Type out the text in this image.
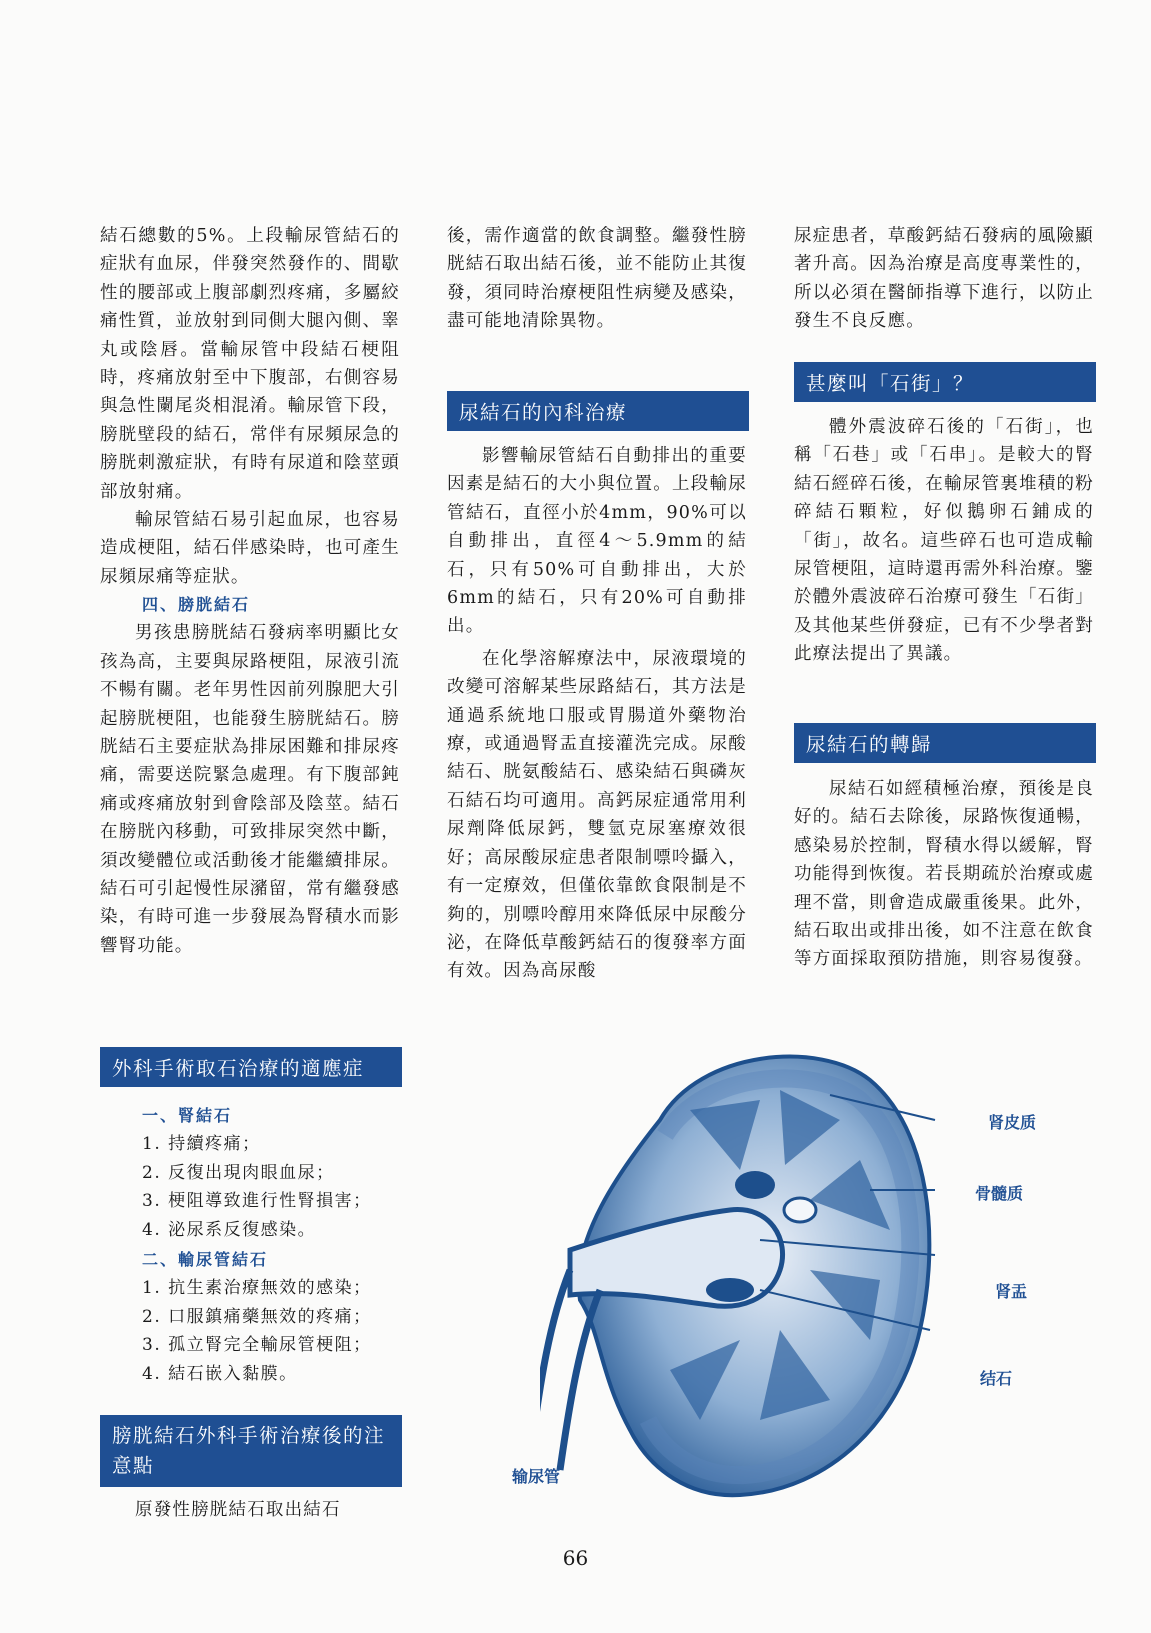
結石總數的5%。上段輸尿管結石的症狀有血尿，伴發突然發作的、間歇性的腰部或上腹部劇烈疼痛，多屬絞痛性質，並放射到同側大腿內側、睾丸或陰唇。當輸尿管中段結石梗阻時，疼痛放射至中下腹部，右側容易與急性闌尾炎相混淆。輸尿管下段，膀胱壁段的結石，常伴有尿頻尿急的膀胱刺激症狀，有時有尿道和陰莖頭部放射痛。

輸尿管結石易引起血尿，也容易造成梗阻，結石伴感染時，也可產生尿頻尿痛等症狀。

四、膀胱結石

男孩患膀胱結石發病率明顯比女孩為高，主要與尿路梗阻，尿液引流不暢有關。老年男性因前列腺肥大引起膀胱梗阻，也能發生膀胱結石。膀胱結石主要症狀為排尿困難和排尿疼痛，需要送院緊急處理。有下腹部鈍痛或疼痛放射到會陰部及陰莖。結石在膀胱內移動，可致排尿突然中斷，須改變體位或活動後才能繼續排尿。結石可引起慢性尿瀦留，常有繼發感染，有時可進一步發展為腎積水而影響腎功能。

外科手術取石治療的適應症
一、腎結石
1. 持續疼痛；
2. 反復出現肉眼血尿；
3. 梗阻導致進行性腎損害；
4. 泌尿系反復感染。
二、輸尿管結石
1. 抗生素治療無效的感染；
2. 口服鎮痛藥無效的疼痛；
3. 孤立腎完全輸尿管梗阻；
4. 結石嵌入黏膜。
膀胱結石外科手術治療後的注意點

原發性膀胱結石取出結石

後，需作適當的飲食調整。繼發性膀胱結石取出結石後，並不能防止其復發，須同時治療梗阻性病變及感染，盡可能地清除異物。

尿結石的內科治療

影響輸尿管結石自動排出的重要因素是結石的大小與位置。上段輸尿管結石，直徑小於4mm，90%可以自動排出，直徑4～5.9mm的結石，只有50%可自動排出，大於6mm的結石，只有20%可自動排出。

在化學溶解療法中，尿液環境的改變可溶解某些尿路結石，其方法是通過系統地口服或胃腸道外藥物治療，或通過腎盂直接灌洗完成。尿酸結石、胱氨酸結石、感染結石與磷灰石結石均可適用。高鈣尿症通常用利尿劑降低尿鈣，雙氫克尿塞療效很好；高尿酸尿症患者限制嘌呤攝入，有一定療效，但僅依靠飲食限制是不夠的，別嘌呤醇用來降低尿中尿酸分泌，在降低草酸鈣結石的復發率方面有效。因為高尿酸

尿症患者，草酸鈣結石發病的風險顯著升高。因為治療是高度專業性的，所以必須在醫師指導下進行，以防止發生不良反應。

甚麼叫「石街」？

體外震波碎石後的「石街」，也稱「石巷」或「石串」。是較大的腎結石經碎石後，在輸尿管裏堆積的粉碎結石顆粒，好似鵝卵石鋪成的「街」，故名。這些碎石也可造成輸尿管梗阻，這時還再需外科治療。鑒於體外震波碎石治療可發生「石街」及其他某些併發症，已有不少學者對此療法提出了異議。

尿結石的轉歸

尿結石如經積極治療，預後是良好的。結石去除後，尿路恢復通暢，感染易於控制，腎積水得以緩解，腎功能得到恢復。若長期疏於治療或處理不當，則會造成嚴重後果。此外，結石取出或排出後，如不注意在飲食等方面採取預防措施，則容易復發。

肾皮质
骨髓质
肾盂
结石
输尿管
66
